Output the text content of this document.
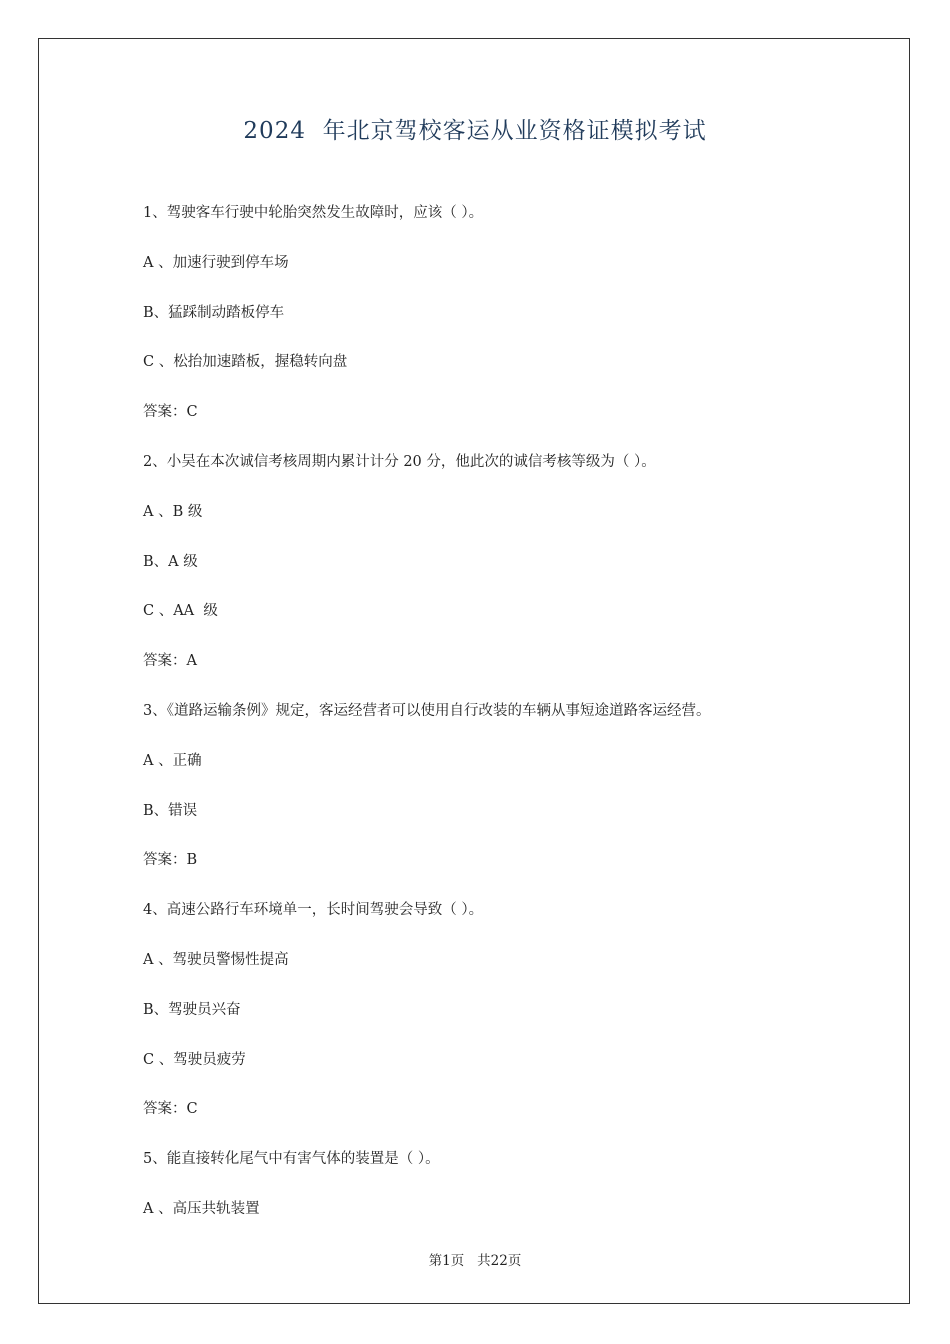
2024  年北京驾校客运从业资格证模拟考试
1、驾驶客车行驶中轮胎突然发生故障时，应该（ ）。
A 、加速行驶到停车场
B、猛踩制动踏板停车
C 、松抬加速踏板，握稳转向盘
答案：C
2、小吴在本次诚信考核周期内累计计分 20 分，他此次的诚信考核等级为（ ）。
A 、B 级
B、A 级
C 、AA  级
答案：A
3、《道路运输条例》规定，客运经营者可以使用自行改装的车辆从事短途道路客运经营。
A 、正确
B、错误
答案：B
4、高速公路行车环境单一，长时间驾驶会导致（ ）。
A 、驾驶员警惕性提高
B、驾驶员兴奋
C 、驾驶员疲劳
答案：C
5、能直接转化尾气中有害气体的装置是（ ）。
A 、高压共轨装置
第1页   共22页
